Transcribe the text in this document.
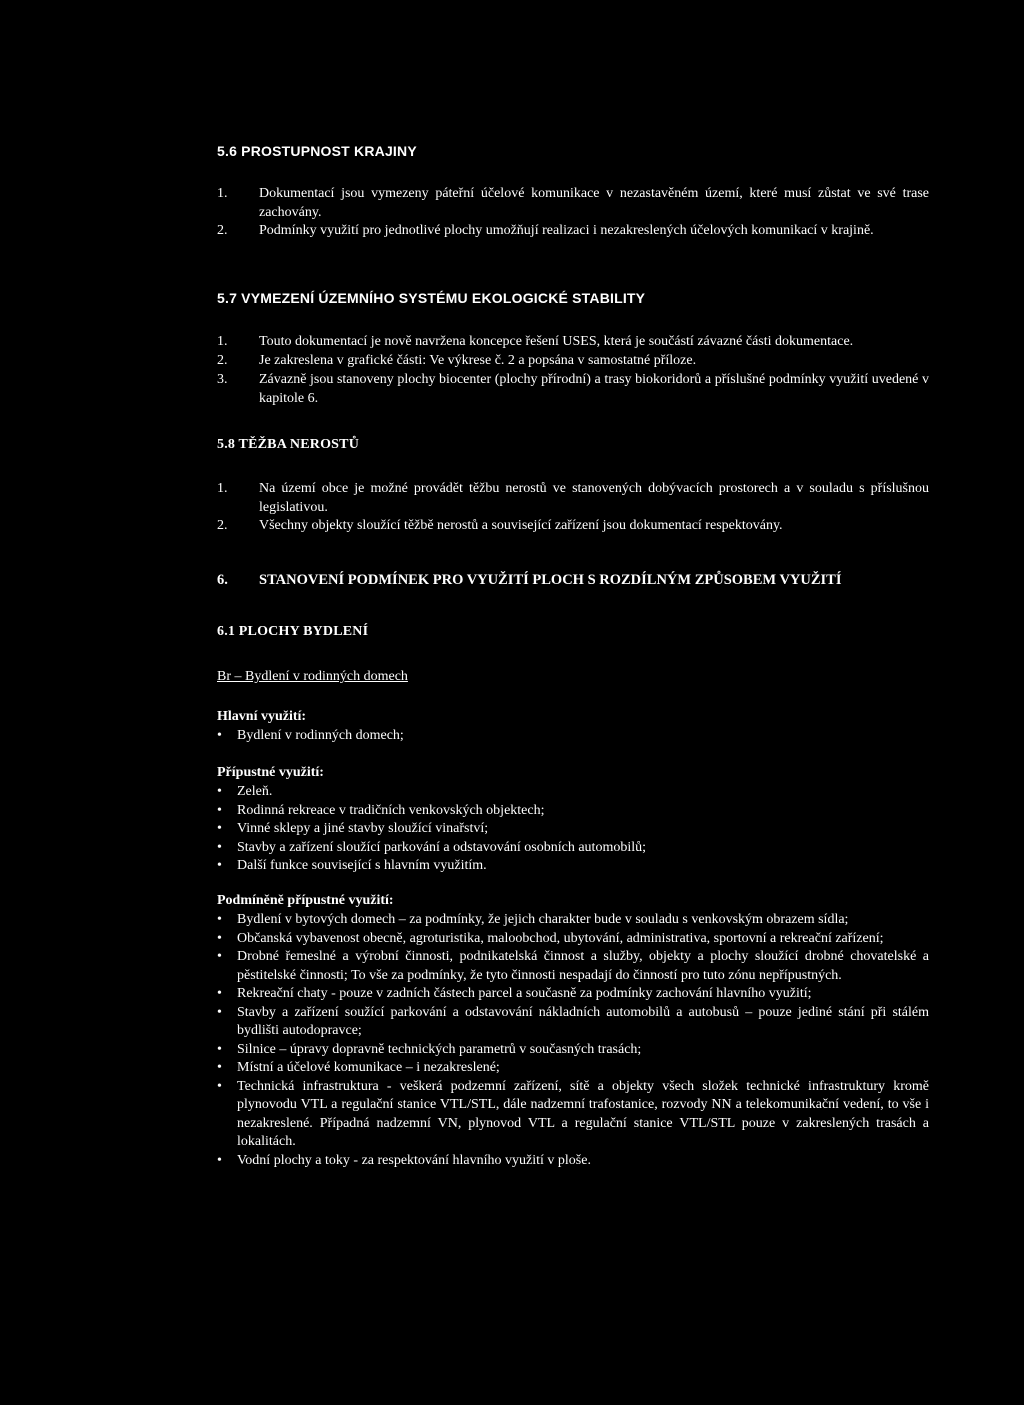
5.6 PROSTUPNOST KRAJINY
1. Dokumentací jsou vymezeny páteřní účelové komunikace v nezastavěném území, které musí zůstat ve své trase zachovány.
2. Podmínky využití pro jednotlivé plochy umožňují realizaci i nezakreslených účelových komunikací v krajině.
5.7 VYMEZENÍ ÚZEMNÍHO SYSTÉMU EKOLOGICKÉ STABILITY
1. Touto dokumentací je nově navržena koncepce řešení USES, která je součástí závazné části dokumentace.
2. Je zakreslena v grafické části: Ve výkrese č. 2 a popsána v samostatné příloze.
3. Závazně jsou stanoveny plochy biocenter (plochy přírodní) a trasy biokoridorů a příslušné podmínky využití uvedené v kapitole 6.
5.8 TĚŽBA NEROSTŮ
1. Na území obce je možné provádět těžbu nerostů ve stanovených dobývacích prostorech a v souladu s příslušnou legislativou.
2. Všechny objekty sloužící těžbě nerostů a související zařízení jsou dokumentací respektovány.
6. STANOVENÍ PODMÍNEK PRO VYUŽITÍ PLOCH S ROZDÍLNÝM ZPŮSOBEM VYUŽITÍ
6.1 PLOCHY BYDLENÍ
Br – Bydlení v rodinných domech
Hlavní využití:
• Bydlení v rodinných domech;
Přípustné využití:
• Zeleň.
• Rodinná rekreace v tradičních venkovských objektech;
• Vinné sklepy a jiné stavby sloužící vinařství;
• Stavby a zařízení sloužící parkování a odstavování osobních automobilů;
• Další funkce související s hlavním využitím.
Podmíněně přípustné využití:
• Bydlení v bytových domech – za podmínky, že jejich charakter bude v souladu s venkovským obrazem sídla;
• Občanská vybavenost obecně, agroturistika, maloobchod, ubytování, administrativa, sportovní a rekreační zařízení;
• Drobné řemeslné a výrobní činnosti, podnikatelská činnost a služby, objekty a plochy sloužící drobné chovatelské a pěstitelské činnosti; To vše za podmínky, že tyto činnosti nespadají do činností pro tuto zónu nepřípustných.
• Rekreační chaty - pouze v zadních částech parcel a současně za podmínky zachování hlavního využití;
• Stavby a zařízení soužící parkování a odstavování nákladních automobilů a autobusů – pouze jediné stání při stálém bydlišti autodopravce;
• Silnice – úpravy dopravně technických parametrů v současných trasách;
• Místní a účelové komunikace – i nezakreslené;
• Technická infrastruktura - veškerá podzemní zařízení, sítě a objekty všech složek technické infrastruktury kromě plynovodu VTL a regulační stanice VTL/STL, dále nadzemní trafostanice, rozvody NN a telekomunikační vedení, to vše i nezakreslené. Případná nadzemní VN, plynovod VTL a regulační stanice VTL/STL pouze v zakreslených trasách a lokalitách.
• Vodní plochy a toky - za respektování hlavního využití v ploše.
